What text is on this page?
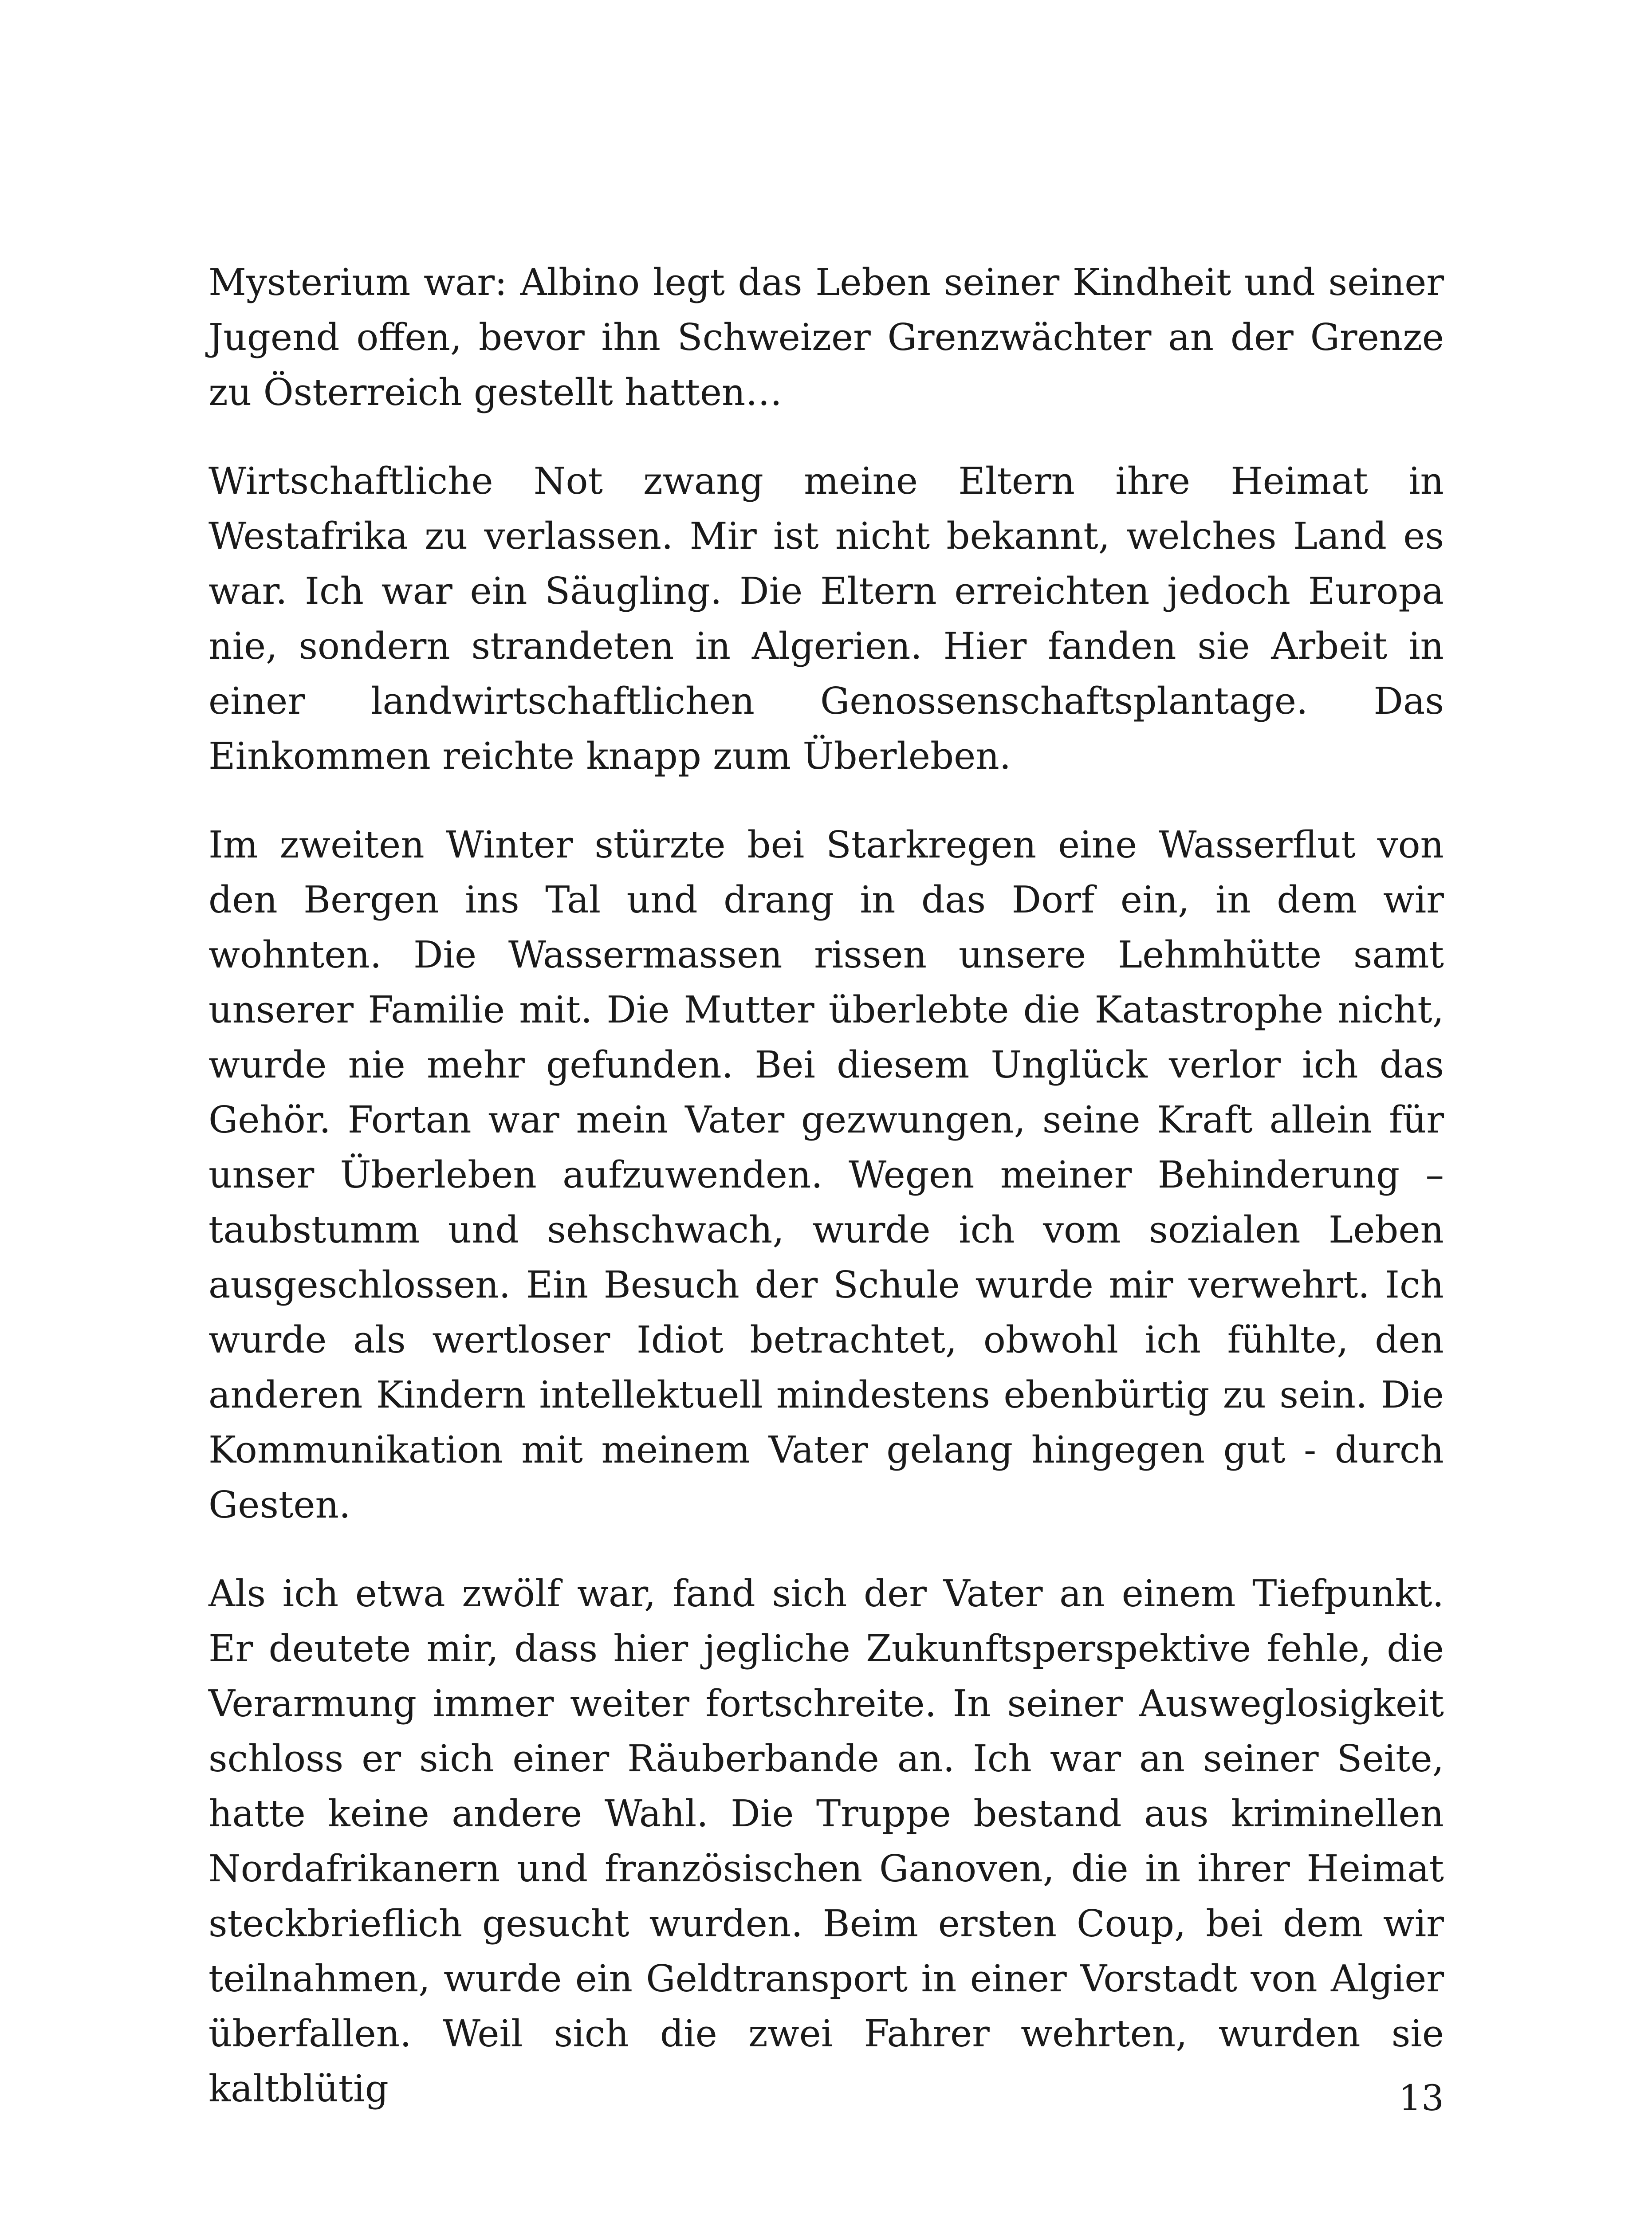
Mysterium war: Albino legt das Leben seiner Kindheit und seiner Jugend offen, bevor ihn Schweizer Grenzwächter an der Grenze zu Österreich gestellt hatten…

Wirtschaftliche Not zwang meine Eltern ihre Heimat in Westafrika zu verlassen. Mir ist nicht bekannt, welches Land es war. Ich war ein Säugling. Die Eltern erreichten jedoch Europa nie, sondern strandeten in Algerien. Hier fanden sie Arbeit in einer landwirtschaftlichen Genossenschaftsplantage. Das Einkommen reichte knapp zum Überleben.

Im zweiten Winter stürzte bei Starkregen eine Wasserflut von den Bergen ins Tal und drang in das Dorf ein, in dem wir wohnten. Die Wassermassen rissen unsere Lehmhütte samt unserer Familie mit. Die Mutter überlebte die Katastrophe nicht, wurde nie mehr gefunden. Bei diesem Unglück verlor ich das Gehör. Fortan war mein Vater gezwungen, seine Kraft allein für unser Überleben aufzuwenden. Wegen meiner Behinderung – taubstumm und sehschwach, wurde ich vom sozialen Leben ausgeschlossen. Ein Besuch der Schule wurde mir verwehrt. Ich wurde als wertloser Idiot betrachtet, obwohl ich fühlte, den anderen Kindern intellektuell mindestens ebenbürtig zu sein. Die Kommunikation mit meinem Vater gelang hingegen gut - durch Gesten.

Als ich etwa zwölf war, fand sich der Vater an einem Tiefpunkt. Er deutete mir, dass hier jegliche Zukunftsperspektive fehle, die Verarmung immer weiter fortschreite. In seiner Ausweglosigkeit schloss er sich einer Räuberbande an. Ich war an seiner Seite, hatte keine andere Wahl. Die Truppe bestand aus kriminellen Nordafrikanern und französischen Ganoven, die in ihrer Heimat steckbrieflich gesucht wurden. Beim ersten Coup, bei dem wir teilnahmen, wurde ein Geldtransport in einer Vorstadt von Algier überfallen. Weil sich die zwei Fahrer wehrten, wurden sie kaltblütig	13
